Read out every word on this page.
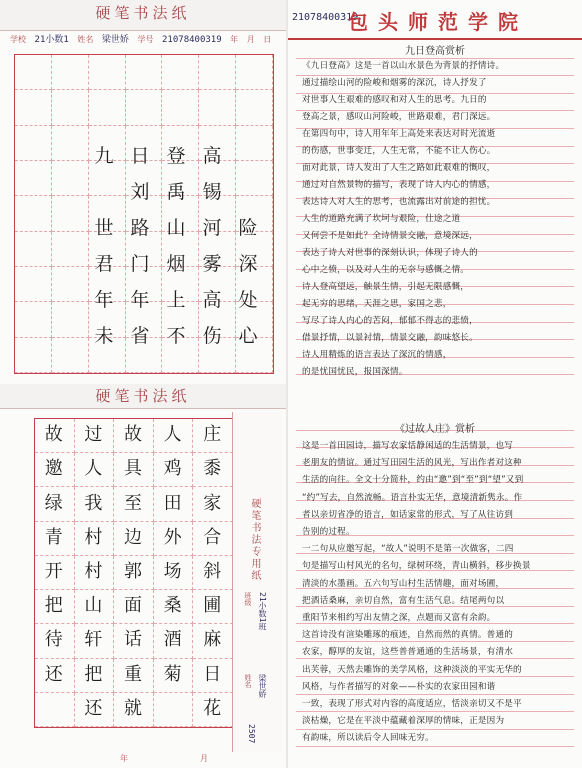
硬笔书法纸
学校 21小数1 姓名 梁世娇 学号 21078400319 年 月 日
九 日 登 高
刘 禹 锡
世 路 山 河 险
君 门 烟 雾 深
年 年 上 高 处
未 省 不 伤 心
硬笔书法纸
庄
黍
家
合
斜
圃
麻
日
花
人
鸡
田
外
场
桑
酒
菊
故
具
至
边
郭
面
话
重
就
过
人
我
村
村
山
轩
把
还
故
邀
绿
青
开
把
待
还
硬笔书法专用纸
班级 21小数1班
姓名 梁世娇
2507
年	月
21078400319
包头师范学院
九日登高赏析
《九日登高》这是一首以山水景色为背景的抒情诗。
通过描绘山河的险峻和烟雾的深沉，诗人抒发了
对世事人生艰难的感叹和对人生的思考。九日的
登高之景，感叹山河险峻，世路艰难，君门深远。
在第四句中，诗人用年年上高处来表达对时光流逝
的伤感，世事变迁，人生无常，不能不让人伤心。
面对此景，诗人发出了人生之路如此艰难的慨叹，
通过对自然景物的描写，表现了诗人内心的情感，
表达诗人对人生的思考，也流露出对前途的担忧。
人生的道路充满了坎坷与艰险，仕途之道
又何尝不是如此？全诗情景交融，意境深远，
表达了诗人对世事的深刻认识，体现了诗人的
心中之愤，以及对人生的无奈与感慨之情。
诗人登高望远，触景生情，引起无限感慨，
起无穷的思绪，天涯之思，家国之悲，
写尽了诗人内心的苦闷，郁郁不得志的悲愤，
借景抒情，以景衬情，情景交融，韵味悠长。
诗人用精炼的语言表达了深沉的情感，
的是忧国忧民，报国深情。
《过故人庄》赏析
这是一首田园诗，描写农家恬静闲适的生活情景，也写
老朋友的情谊。通过写田园生活的风光，写出作者对这种
生活的向往。全文十分简朴，约由“邀”到“至”到“望”又到
“约”写去，自然流畅。语言朴实无华，意境清新隽永。作
者以亲切省净的语言，如话家常的形式，写了从往访到
告别的过程。
一二句从应邀写起，“故人”说明不是第一次做客，二四
句是描写山村风光的名句，绿树环绕，青山横斜，移步换景
清淡的水墨画。五六句写山村生活情趣，面对场圃，
把酒话桑麻，亲切自然，富有生活气息。结尾两句以
重阳节来相约写出友情之深，点题而又富有余韵。
这首诗没有渲染雕琢的痕迹，自然而然的真情。普通的
农家，醇厚的友谊，这些普普通通的生活场景，有清水
出芙蓉，天然去雕饰的美学风格，这种淡淡的平实无华的
风格，与作者描写的对象——朴实的农家田园和谐
一致，表现了形式对内容的高度适应，恬淡亲切又不是平
淡枯燥，它是在平淡中蕴藏着深厚的情味，正是因为
有韵味，所以读后令人回味无穷。
